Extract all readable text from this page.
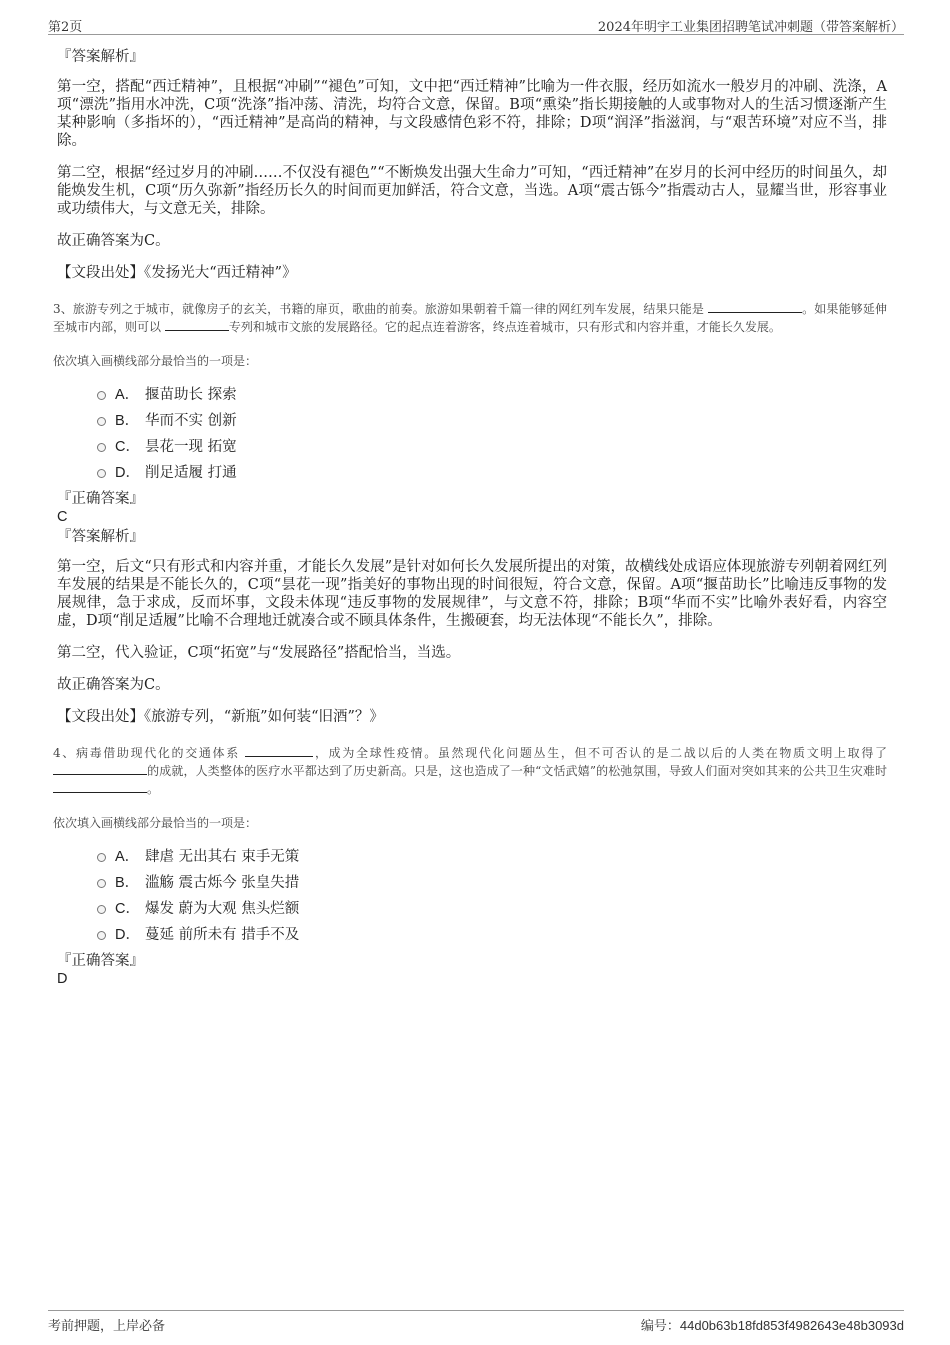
第2页	2024年明宇工业集团招聘笔试冲刺题（带答案解析）
『答案解析』

第一空，搭配“西迁精神”，且根据“冲刷”“褪色”可知，文中把“西迁精神”比喻为一件衣服，经历如流水一般岁月的冲刷、洗涤，A项“漂洗”指用水冲洗，C项“洗涤”指冲荡、清洗，均符合文意，保留。B项“熏染”指长期接触的人或事物对人的生活习惯逐渐产生某种影响（多指坏的），“西迁精神”是高尚的精神，与文段感情色彩不符，排除；D项“润泽”指滋润，与“艰苦环境”对应不当，排除。

第二空，根据“经过岁月的冲刷……不仅没有褪色”“不断焕发出强大生命力”可知，“西迁精神”在岁月的长河中经历的时间虽久，却能焕发生机，C项“历久弥新”指经历长久的时间而更加鲜活，符合文意，当选。A项“震古铄今”指震动古人，显耀当世，形容事业或功绩伟大，与文意无关，排除。

故正确答案为C。

【文段出处】《发扬光大“西迁精神”》

3、旅游专列之于城市，就像房子的玄关，书籍的扉页，歌曲的前奏。旅游如果朝着千篇一律的网红列车发展，结果只能是	。如果能够延伸至城市内部，则可以	专列和城市文旅的发展路径。它的起点连着游客，终点连着城市，只有形式和内容并重，才能长久发展。

依次填入画横线部分最恰当的一项是：

A． 揠苗助长 探索
B． 华而不实 创新
C． 昙花一现 拓宽
D． 削足适履 打通
『正确答案』
C
『答案解析』

第一空，后文“只有形式和内容并重，才能长久发展”是针对如何长久发展所提出的对策，故横线处成语应体现旅游专列朝着网红列车发展的结果是不能长久的，C项“昙花一现”指美好的事物出现的时间很短，符合文意，保留。A项“揠苗助长”比喻违反事物的发展规律，急于求成，反而坏事，文段未体现“违反事物的发展规律”，与文意不符，排除；B项“华而不实”比喻外表好看，内容空虚，D项“削足适履”比喻不合理地迁就凑合或不顾具体条件，生搬硬套，均无法体现“不能长久”，排除。

第二空，代入验证，C项“拓宽”与“发展路径”搭配恰当，当选。

故正确答案为C。

【文段出处】《旅游专列，“新瓶”如何装“旧酒”？》

4、病毒借助现代化的交通体系	，成为全球性疫情。虽然现代化问题丛生，但不可否认的是二战以后的人类在物质文明上取得了 的成就，人类整体的医疗水平都达到了历史新高。只是，这也造成了一种“文恬武嬉”的松弛氛围，导致人们面对突如其来的公共卫生灾难时 。

依次填入画横线部分最恰当的一项是：

A． 肆虐 无出其右 束手无策
B． 滥觞 震古烁今 张皇失措
C． 爆发 蔚为大观 焦头烂额
D． 蔓延 前所未有 措手不及
『正确答案』
D
考前押题，上岸必备	编号：44d0b63b18fd853f4982643e48b3093d
